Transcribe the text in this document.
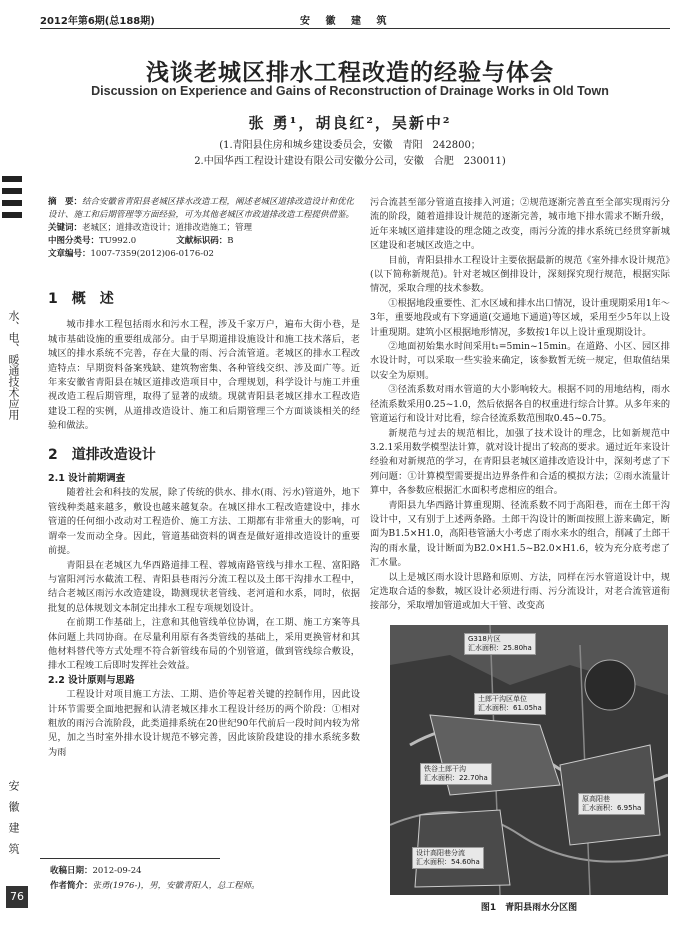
2012年第6期(总188期)	安 徽 建 筑
浅谈老城区排水工程改造的经验与体会
Discussion on Experience and Gains of Reconstruction of Drainage Works in Old Town
张 勇¹，胡良红²，吴新中²
(1.青阳县住房和城乡建设委员会，安徽　青阳　242800；
2.中国华西工程设计建设有限公司安徽分公司，安徽　合肥　230011)
水、电、暖通技术应用
安徽建筑
76
摘　要：结合安徽省青阳县老城区排水改造工程，阐述老城区道排改造设计和优化设计、施工和后期管理等方面经验，可为其他老城区市政道排改造工程提供借鉴。
关键词：老城区；道排改造设计；道排改造施工；管理
中图分类号：TU992.0	文献标识码：B
文章编号：1007-7359(2012)06-0176-02
1　概　述

城市排水工程包括雨水和污水工程，涉及千家万户，遍布大街小巷，是城市基础设施的重要组成部分。由于早期道排设施设计和施工技术落后，老城区的排水系统不完善，存在大量的雨、污合流管道。老城区的排水工程改造特点：早期资料备案残缺、建筑物密集、各种管线交织、涉及面广等。近年来安徽省青阳县在城区道排改造项目中，合理规划，科学设计与施工并重视改造工程后期管理，取得了显著的成绩。现就青阳县老城区排水工程改造建设工程的实例，从道排改造设计、施工和后期管理三个方面谈谈相关的经验和做法。

2　道排改造设计
2.1 设计前期调查

随着社会和科技的发展，除了传统的供水、排水(雨、污水)管道外，地下管线种类越来越多，敷设也越来越复杂。在城区排水工程改造建设中，排水管道的任何细小改动对工程造价、施工方法、工期都有非常重大的影响，可谓牵一发而动全身。因此，管道基础资料的调查是做好道排改造设计的重要前提。

青阳县在老城区九华西路道排工程、蓉城南路管线与排水工程、富阳路与富阳河污水截流工程、青阳县巷雨污分流工程以及土郎干沟排水工程中，结合老城区雨污水改造建设，勘测现状老管线、老河道和水系，同时，依据批复的总体规划文本制定出排水工程专项规划设计。

在前期工作基础上，注意和其他管线单位协调，在工期、施工方案等具体问题上共同协商。在尽量利用原有各类管线的基础上，采用更换管材和其他材料替代等方式处理不符合新管线布局的个别管道，做到管线综合敷设，排水工程竣工后即时发挥社会效益。

2.2 设计原则与思路

工程设计对项目施工方法、工期、造价等起着关键的控制作用，因此设计环节需要全面地把握和认清老城区排水工程设计经历的两个阶段：①相对粗放的雨污合流阶段，此类道排系统在20世纪90年代前后一段时间内较为常见，加之当时室外排水设计规范不够完善，因此该阶段建设的排水系统多数为雨

污合流甚至部分管道直接排入河道；②规范逐渐完善直至全部实现雨污分流的阶段，随着道排设计规范的逐渐完善，城市地下排水需求不断升级，近年来城区道排建设的理念随之改变，雨污分流的排水系统已经贯穿新城区建设和老城区改造之中。

目前，青阳县排水工程设计主要依据最新的规范《室外排水设计规范》(以下简称新规范)。针对老城区倒排设计，深刻探究现行规范，根据实际情况，采取合理的技术参数。

①根据地段重要性、汇水区域和排水出口情况，设计重现期采用1年～3年，重要地段或有下穿通道(交通地下通道)等区域，采用至少5年以上设计重现期。建筑小区根据地形情况，多数按1年以上设计重现期设计。

②地面初始集水时间采用t₁=5min~15min。在道路、小区、园区排水设计时，可以采取一些实验来确定，该参数暂无统一规定，但取值结果以安全为原则。

③径流系数对雨水管道的大小影响较大。根据不同的用地结构，雨水径流系数采用0.25~1.0，然后依据各自的权重进行综合计算。从多年来的管道运行和设计对比看，综合径流系数范围取0.45~0.75。

新规范与过去的规范相比，加强了技术设计的理念，比如新规范中3.2.1采用数学模型法计算，就对设计提出了较高的要求。通过近年来设计经验和对新规范的学习，在青阳县老城区道排改造设计中，深刻考虑了下列问题：①计算模型需要提出边界条件和合适的模拟方法；②雨水流量计算中，各参数应根据汇水面积考虑相应的组合。

青阳县九华西路计算重现期、径流系数不同于高阳巷，而在土郎干沟设计中，又有别于上述两条路。土郎干沟设计的断面按照上游来确定，断面为B1.5×H1.0，高阳巷管涵大小考虑了雨水来水的组合，削减了土郎干沟的雨水量，设计断面为B2.0×H1.5~B2.0×H1.6，较为充分底考虑了汇水量。

以上是城区雨水设计思路和原则、方法，同样在污水管道设计中，规定选取合适的参数，城区设计必须进行雨、污分流设计，对老合流管道衔接部分，采取增加管道或加大干管、改变高

G318片区
汇水面积：25.80ha
土郎干沟区单位
汇水面积：61.05ha
铁谷土郎干沟
汇水面积：22.70ha
原高阳巷
汇水面积：6.95ha
设计高阳巷分流
汇水面积：54.60ha
图1　青阳县雨水分区图
收稿日期：2012-09-24
作者简介：张勇(1976-)，男，安徽青阳人，总工程师。
